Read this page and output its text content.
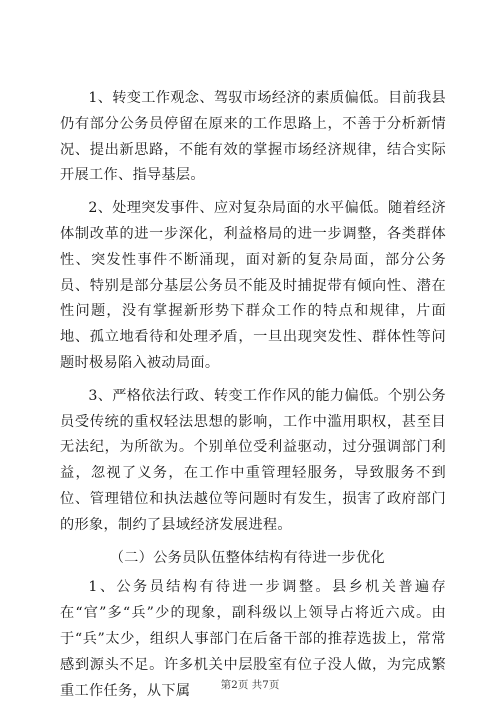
1、转变工作观念、驾驭市场经济的素质偏低。目前我县仍有部分公务员停留在原来的工作思路上，不善于分析新情况、提出新思路，不能有效的掌握市场经济规律，结合实际开展工作、指导基层。

2、处理突发事件、应对复杂局面的水平偏低。随着经济体制改革的进一步深化，利益格局的进一步调整，各类群体性、突发性事件不断涌现，面对新的复杂局面，部分公务员、特别是部分基层公务员不能及时捕捉带有倾向性、潜在性问题，没有掌握新形势下群众工作的特点和规律，片面地、孤立地看待和处理矛盾，一旦出现突发性、群体性等问题时极易陷入被动局面。

3、严格依法行政、转变工作作风的能力偏低。个别公务员受传统的重权轻法思想的影响，工作中滥用职权，甚至目无法纪，为所欲为。个别单位受利益驱动，过分强调部门利益，忽视了义务，在工作中重管理轻服务，导致服务不到位、管理错位和执法越位等问题时有发生，损害了政府部门的形象，制约了县域经济发展进程。

（二）公务员队伍整体结构有待进一步优化

1、公务员结构有待进一步调整。县乡机关普遍存在“官”多“兵”少的现象，副科级以上领导占将近六成。由于“兵”太少，组织人事部门在后备干部的推荐选拔上，常常感到源头不足。许多机关中层股室有位子没人做，为完成繁重工作任务，从下属	第2页 共7页
